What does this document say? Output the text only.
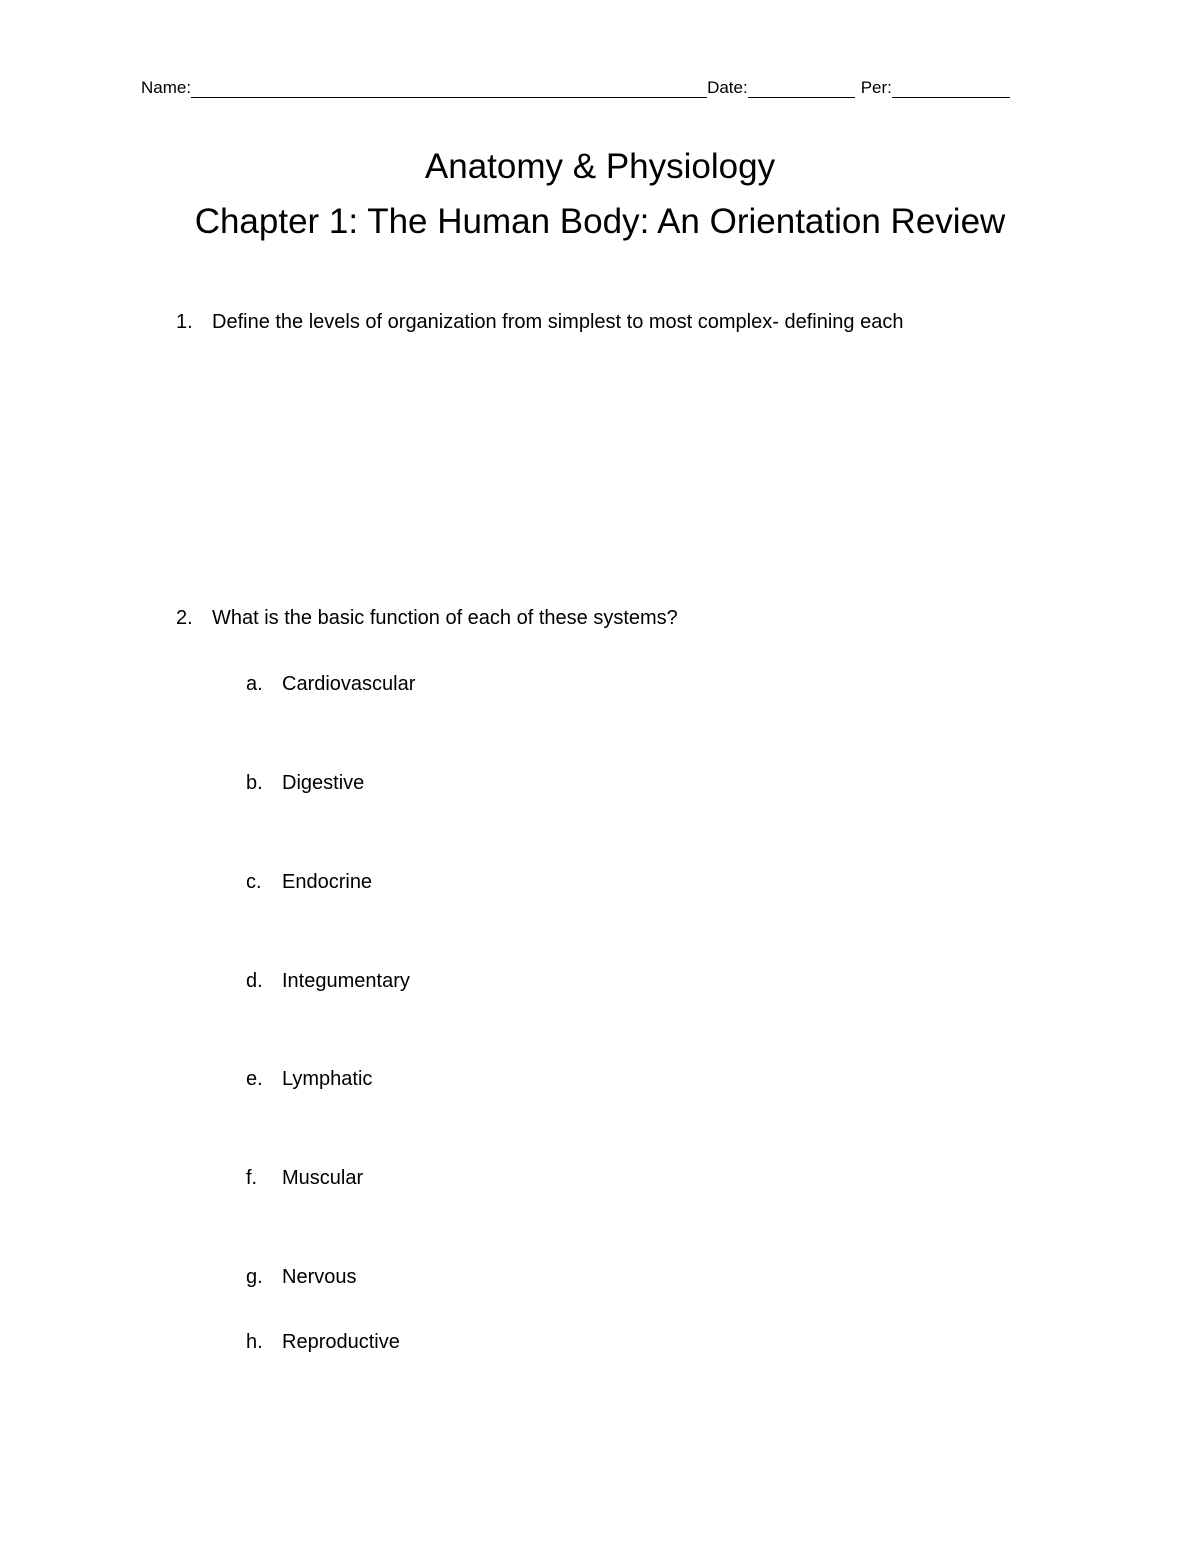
Name:	Date:	Per:
Anatomy & Physiology
Chapter 1: The Human Body: An Orientation Review
1. Define the levels of organization from simplest to most complex- defining each
2. What is the basic function of each of these systems?
a. Cardiovascular
b. Digestive
c. Endocrine
d. Integumentary
e. Lymphatic
f. Muscular
g. Nervous
h. Reproductive
